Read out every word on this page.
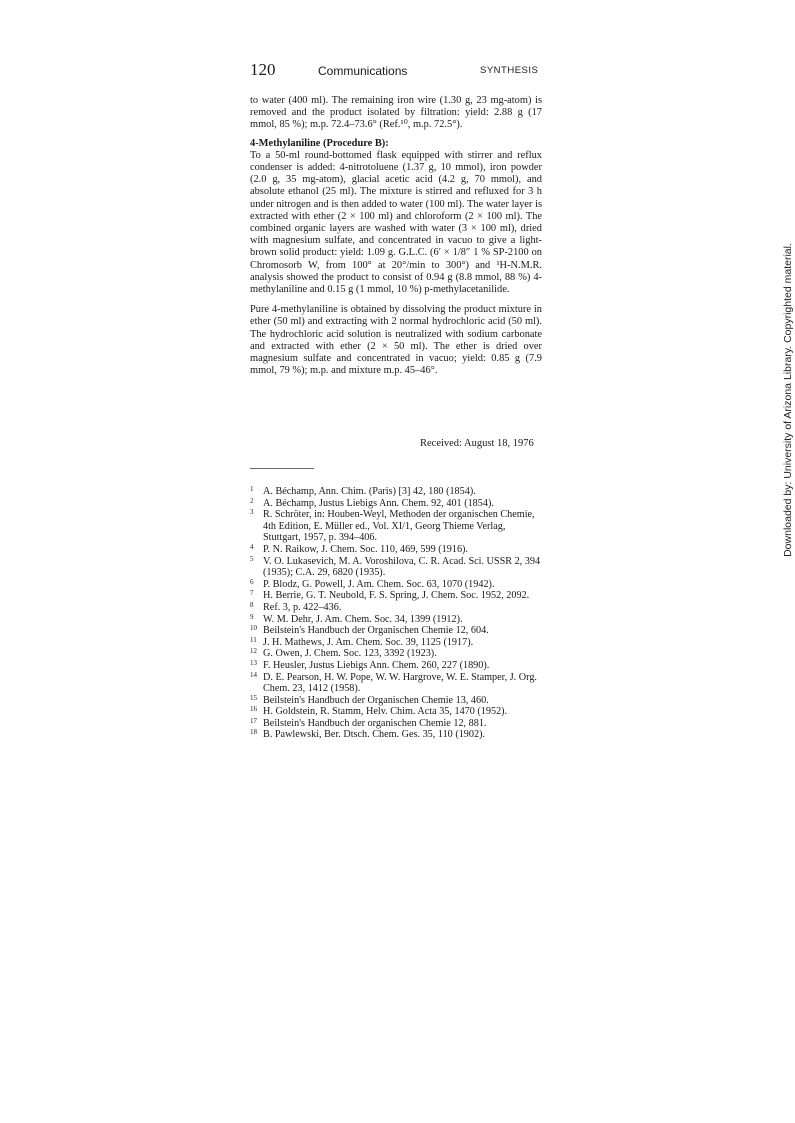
120	Communications	SYNTHESIS

to water (400 ml). The remaining iron wire (1.30 g, 23 mg-atom) is removed and the product isolated by filtration: yield: 2.88 g (17 mmol, 85 %); m.p. 72.4–73.6° (Ref.¹⁰, m.p. 72.5°).

4-Methylaniline (Procedure B):

To a 50-ml round-bottomed flask equipped with stirrer and reflux condenser is added: 4-nitrotoluene (1.37 g, 10 mmol), iron powder (2.0 g, 35 mg-atom), glacial acetic acid (4.2 g, 70 mmol), and absolute ethanol (25 ml). The mixture is stirred and refluxed for 3 h under nitrogen and is then added to water (100 ml). The water layer is extracted with ether (2 × 100 ml) and chloroform (2 × 100 ml). The combined organic layers are washed with water (3 × 100 ml), dried with magnesium sulfate, and concentrated in vacuo to give a light-brown solid product: yield: 1.09 g. G.L.C. (6′ × 1/8″ 1 % SP-2100 on Chromosorb W, from 100° at 20°/min to 300°) and ¹H-N.M.R. analysis showed the product to consist of 0.94 g (8.8 mmol, 88 %) 4-methylaniline and 0.15 g (1 mmol, 10 %) p-methylacetanilide.

Pure 4-methylaniline is obtained by dissolving the product mixture in ether (50 ml) and extracting with 2 normal hydrochloric acid (50 ml). The hydrochloric acid solution is neutralized with sodium carbonate and extracted with ether (2 × 50 ml). The ether is dried over magnesium sulfate and concentrated in vacuo; yield: 0.85 g (7.9 mmol, 79 %); m.p. and mixture m.p. 45–46°.

Received: August 18, 1976
1 A. Béchamp, Ann. Chim. (Paris) [3] 42, 180 (1854).
2 A. Béchamp, Justus Liebigs Ann. Chem. 92, 401 (1854).
3 R. Schröter, in: Houben-Weyl, Methoden der organischen Chemie, 4th Edition, E. Müller ed., Vol. XI/1, Georg Thieme Verlag, Stuttgart, 1957, p. 394–406.
4 P. N. Raikow, J. Chem. Soc. 110, 469, 599 (1916).
5 V. O. Lukasevich, M. A. Voroshilova, C. R. Acad. Sci. USSR 2, 394 (1935); C.A. 29, 6820 (1935).
6 P. Blodz, G. Powell, J. Am. Chem. Soc. 63, 1070 (1942).
7 H. Berrie, G. T. Neubold, F. S. Spring, J. Chem. Soc. 1952, 2092.
8 Ref. 3, p. 422–436.
9 W. M. Dehr, J. Am. Chem. Soc. 34, 1399 (1912).
10 Beilstein's Handbuch der Organischen Chemie 12, 604.
11 J. H. Mathews, J. Am. Chem. Soc. 39, 1125 (1917).
12 G. Owen, J. Chem. Soc. 123, 3392 (1923).
13 F. Heusler, Justus Liebigs Ann. Chem. 260, 227 (1890).
14 D. E. Pearson, H. W. Pope, W. W. Hargrove, W. E. Stamper, J. Org. Chem. 23, 1412 (1958).
15 Beilstein's Handbuch der Organischen Chemie 13, 460.
16 H. Goldstein, R. Stamm, Helv. Chim. Acta 35, 1470 (1952).
17 Beilstein's Handbuch der organischen Chemie 12, 881.
18 B. Pawlewski, Ber. Dtsch. Chem. Ges. 35, 110 (1902).
Downloaded by: University of Arizona Library. Copyrighted material.
